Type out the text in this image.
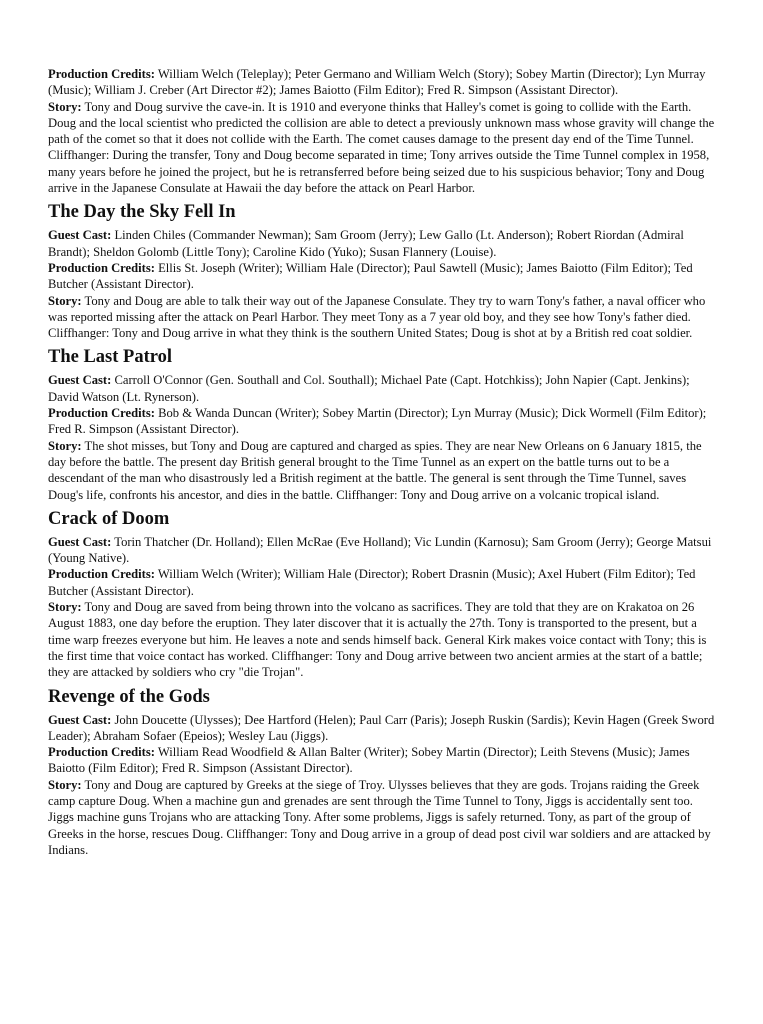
Production Credits: William Welch (Teleplay); Peter Germano and William Welch (Story); Sobey Martin (Director); Lyn Murray (Music); William J. Creber (Art Director #2); James Baiotto (Film Editor); Fred R. Simpson (Assistant Director).

Story: Tony and Doug survive the cave-in. It is 1910 and everyone thinks that Halley's comet is going to collide with the Earth. Doug and the local scientist who predicted the collision are able to detect a previously unknown mass whose gravity will change the path of the comet so that it does not collide with the Earth. The comet causes damage to the present day end of the Time Tunnel. Cliffhanger: During the transfer, Tony and Doug become separated in time; Tony arrives outside the Time Tunnel complex in 1958, many years before he joined the project, but he is retransferred before being seized due to his suspicious behavior; Tony and Doug arrive in the Japanese Consulate at Hawaii the day before the attack on Pearl Harbor.

The Day the Sky Fell In

Guest Cast: Linden Chiles (Commander Newman); Sam Groom (Jerry); Lew Gallo (Lt. Anderson); Robert Riordan (Admiral Brandt); Sheldon Golomb (Little Tony); Caroline Kido (Yuko); Susan Flannery (Louise).

Production Credits: Ellis St. Joseph (Writer); William Hale (Director); Paul Sawtell (Music); James Baiotto (Film Editor); Ted Butcher (Assistant Director).

Story: Tony and Doug are able to talk their way out of the Japanese Consulate. They try to warn Tony's father, a naval officer who was reported missing after the attack on Pearl Harbor. They meet Tony as a 7 year old boy, and they see how Tony's father died. Cliffhanger: Tony and Doug arrive in what they think is the southern United States; Doug is shot at by a British red coat soldier.

The Last Patrol

Guest Cast: Carroll O'Connor (Gen. Southall and Col. Southall); Michael Pate (Capt. Hotchkiss); John Napier (Capt. Jenkins); David Watson (Lt. Rynerson).

Production Credits: Bob & Wanda Duncan (Writer); Sobey Martin (Director); Lyn Murray (Music); Dick Wormell (Film Editor); Fred R. Simpson (Assistant Director).

Story: The shot misses, but Tony and Doug are captured and charged as spies. They are near New Orleans on 6 January 1815, the day before the battle. The present day British general brought to the Time Tunnel as an expert on the battle turns out to be a descendant of the man who disastrously led a British regiment at the battle. The general is sent through the Time Tunnel, saves Doug's life, confronts his ancestor, and dies in the battle. Cliffhanger: Tony and Doug arrive on a volcanic tropical island.

Crack of Doom

Guest Cast: Torin Thatcher (Dr. Holland); Ellen McRae (Eve Holland); Vic Lundin (Karnosu); Sam Groom (Jerry); George Matsui (Young Native).

Production Credits: William Welch (Writer); William Hale (Director); Robert Drasnin (Music); Axel Hubert (Film Editor); Ted Butcher (Assistant Director).

Story: Tony and Doug are saved from being thrown into the volcano as sacrifices. They are told that they are on Krakatoa on 26 August 1883, one day before the eruption. They later discover that it is actually the 27th. Tony is transported to the present, but a time warp freezes everyone but him. He leaves a note and sends himself back. General Kirk makes voice contact with Tony; this is the first time that voice contact has worked. Cliffhanger: Tony and Doug arrive between two ancient armies at the start of a battle; they are attacked by soldiers who cry "die Trojan".

Revenge of the Gods

Guest Cast: John Doucette (Ulysses); Dee Hartford (Helen); Paul Carr (Paris); Joseph Ruskin (Sardis); Kevin Hagen (Greek Sword Leader); Abraham Sofaer (Epeios); Wesley Lau (Jiggs).

Production Credits: William Read Woodfield & Allan Balter (Writer); Sobey Martin (Director); Leith Stevens (Music); James Baiotto (Film Editor); Fred R. Simpson (Assistant Director).

Story: Tony and Doug are captured by Greeks at the siege of Troy. Ulysses believes that they are gods. Trojans raiding the Greek camp capture Doug. When a machine gun and grenades are sent through the Time Tunnel to Tony, Jiggs is accidentally sent too. Jiggs machine guns Trojans who are attacking Tony. After some problems, Jiggs is safely returned. Tony, as part of the group of Greeks in the horse, rescues Doug. Cliffhanger: Tony and Doug arrive in a group of dead post civil war soldiers and are attacked by Indians.
